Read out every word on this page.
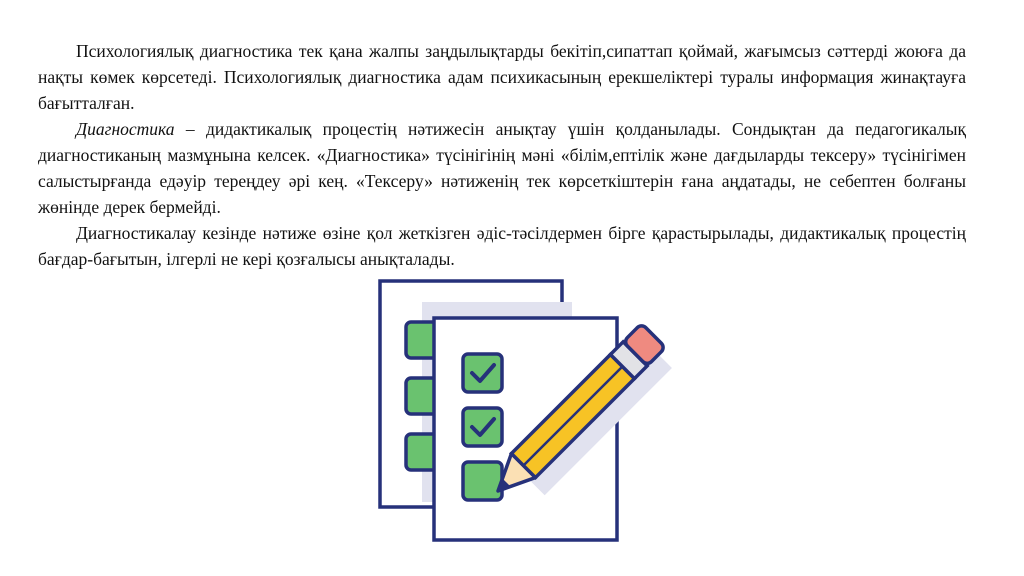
Психологиялық диагностика тек қана жалпы заңдылықтарды бекітіп,сипаттап қоймай, жағымсыз сәттерді жоюға да нақты көмек көрсетеді. Психологиялық диагностика адам психикасының ерекшеліктері туралы информация жинақтауға бағытталған.

Диагностика – дидактикалық процестің нәтижесін анықтау үшін қолданылады. Сондықтан да педагогикалық диагностиканың мазмұнына келсек. «Диагностика» түсінігінің мәні «білім,ептілік және дағдыларды тексеру» түсінігімен салыстырғанда едәуір тереңдеу әрі кең. «Тексеру» нәтиженің тек көрсеткіштерін ғана аңдатады, не себептен болғаны жөнінде дерек бермейді.

Диагностикалау кезінде нәтиже өзіне қол жеткізген әдіс-тәсілдермен бірге қарастырылады, дидактикалық процестің бағдар-бағытын, ілгерлі не кері қозғалысы анықталады.
